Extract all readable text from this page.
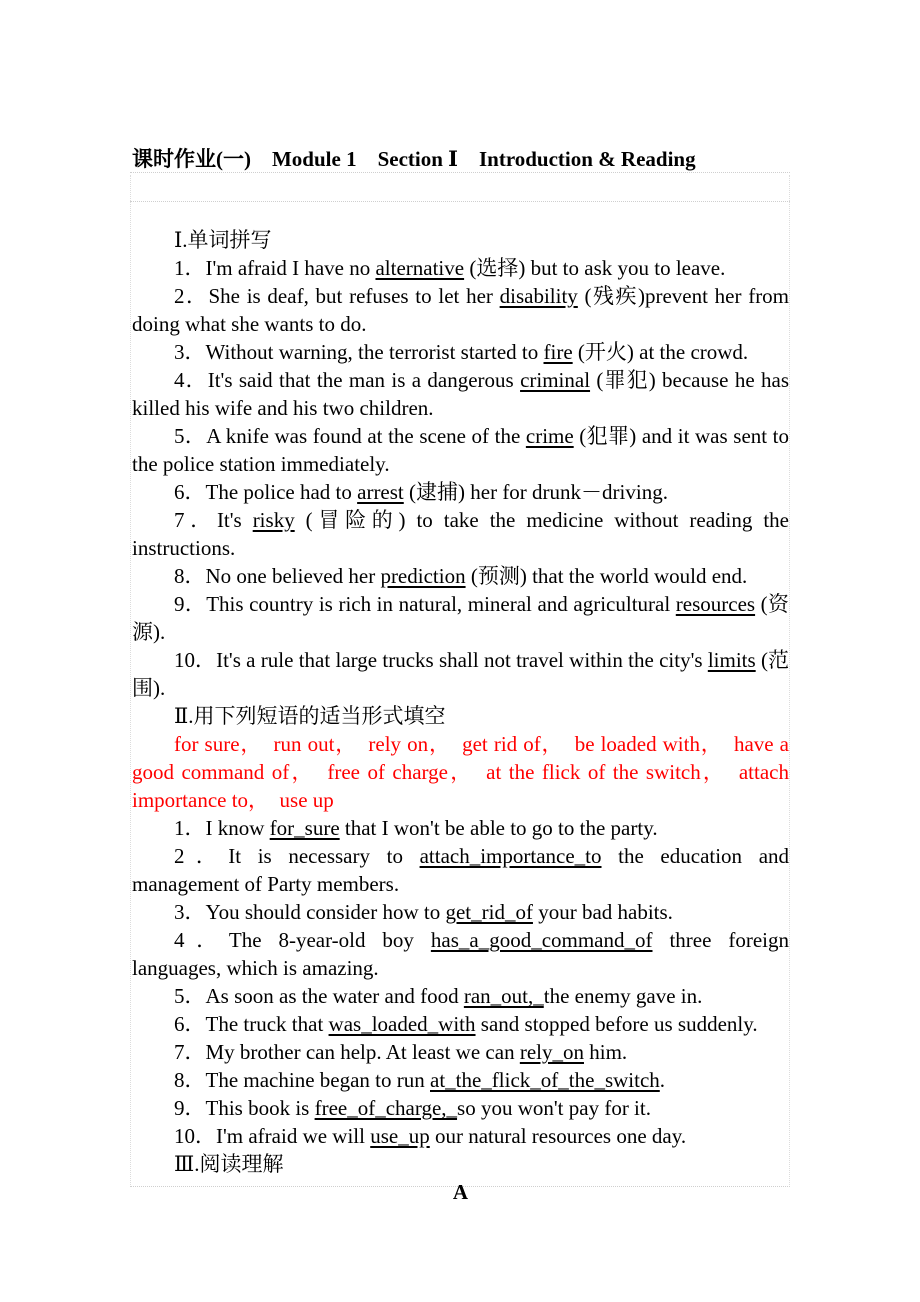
课时作业(一)　Module 1　Section Ⅰ　Introduction & Reading
Ⅰ.单词拼写
1．I'm afraid I have no alternative (选择) but to ask you to leave.
2．She is deaf, but refuses to let her disability (残疾)prevent her from doing what she wants to do.
3．Without warning, the terrorist started to fire (开火) at the crowd.
4．It's said that the man is a dangerous criminal (罪犯) because he has killed his wife and his two children.
5．A knife was found at the scene of the crime (犯罪) and it was sent to the police station immediately.
6．The police had to arrest (逮捕) her for drunk－driving.
7．It's risky (冒险的) to take the medicine without reading the instructions.
8．No one believed her prediction (预测) that the world would end.
9．This country is rich in natural, mineral and agricultural resources (资源).
10．It's a rule that large trucks shall not travel within the city's limits (范围).
Ⅱ.用下列短语的适当形式填空
for sure，　run out，　rely on，　get rid of，　be loaded with，　have a good command of，　free of charge，　at the flick of the switch，　attach importance to，　use up
1．I know for_sure that I won't be able to go to the party.
2．It is necessary to attach_importance_to the education and management of Party members.
3．You should consider how to get_rid_of your bad habits.
4．The 8-year-old boy has_a_good_command_of three foreign languages, which is amazing.
5．As soon as the water and food ran_out,_the enemy gave in.
6．The truck that was_loaded_with sand stopped before us suddenly.
7．My brother can help. At least we can rely_on him.
8．The machine began to run at_the_flick_of_the_switch.
9．This book is free_of_charge,_so you won't pay for it.
10．I'm afraid we will use_up our natural resources one day.
Ⅲ.阅读理解
A
